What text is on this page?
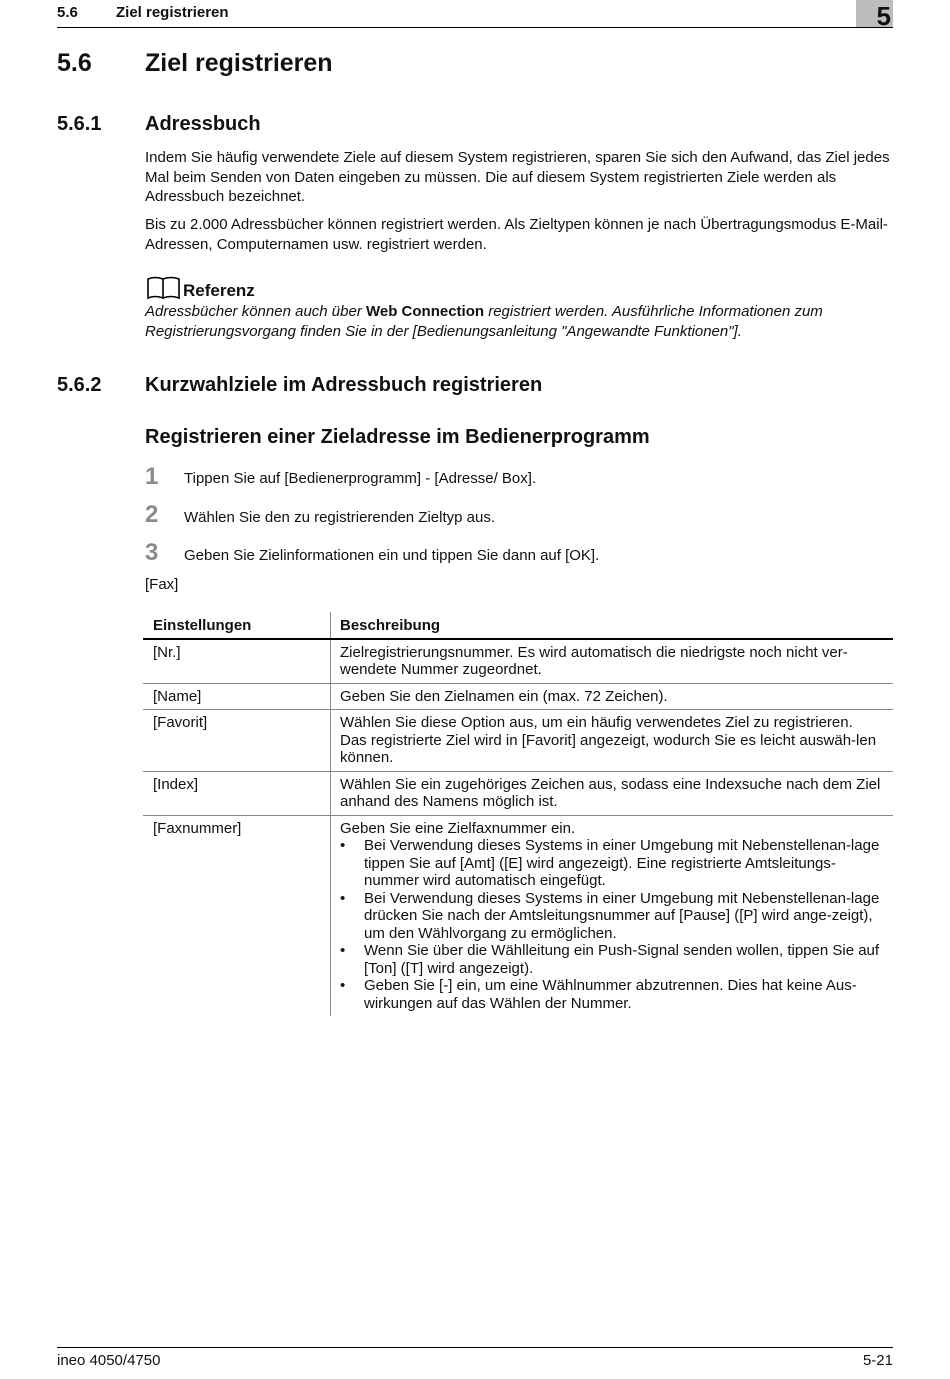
5.6	Ziel registrieren	5
5.6 Ziel registrieren
5.6.1 Adressbuch
Indem Sie häufig verwendete Ziele auf diesem System registrieren, sparen Sie sich den Aufwand, das Ziel jedes Mal beim Senden von Daten eingeben zu müssen. Die auf diesem System registrierten Ziele werden als Adressbuch bezeichnet.
Bis zu 2.000 Adressbücher können registriert werden. Als Zieltypen können je nach Übertragungsmodus E-Mail-Adressen, Computernamen usw. registriert werden.
Referenz
Adressbücher können auch über Web Connection registriert werden. Ausführliche Informationen zum Registrierungsvorgang finden Sie in der [Bedienungsanleitung "Angewandte Funktionen"].
5.6.2 Kurzwahlziele im Adressbuch registrieren
Registrieren einer Zieladresse im Bedienerprogramm
1 Tippen Sie auf [Bedienerprogramm] - [Adresse/ Box].
2 Wählen Sie den zu registrierenden Zieltyp aus.
3 Geben Sie Zielinformationen ein und tippen Sie dann auf [OK].
[Fax]
Einstellungen	Beschreibung
[Nr.]	Zielregistrierungsnummer. Es wird automatisch die niedrigste noch nicht ver-wendete Nummer zugeordnet.
[Name]	Geben Sie den Zielnamen ein (max. 72 Zeichen).
[Favorit]	Wählen Sie diese Option aus, um ein häufig verwendetes Ziel zu registrieren. Das registrierte Ziel wird in [Favorit] angezeigt, wodurch Sie es leicht auswäh-len können.
[Index]	Wählen Sie ein zugehöriges Zeichen aus, sodass eine Indexsuche nach dem Ziel anhand des Namens möglich ist.
[Faxnummer]	Geben Sie eine Zielfaxnummer ein.
• Bei Verwendung dieses Systems in einer Umgebung mit Nebenstellenan-lage tippen Sie auf [Amt] ([E] wird angezeigt). Eine registrierte Amtsleitungs-nummer wird automatisch eingefügt.
• Bei Verwendung dieses Systems in einer Umgebung mit Nebenstellenan-lage drücken Sie nach der Amtsleitungsnummer auf [Pause] ([P] wird ange-zeigt), um den Wählvorgang zu ermöglichen.
• Wenn Sie über die Wählleitung ein Push-Signal senden wollen, tippen Sie auf [Ton] ([T] wird angezeigt).
• Geben Sie [-] ein, um eine Wählnummer abzutrennen. Dies hat keine Aus-wirkungen auf das Wählen der Nummer.
ineo 4050/4750	5-21
